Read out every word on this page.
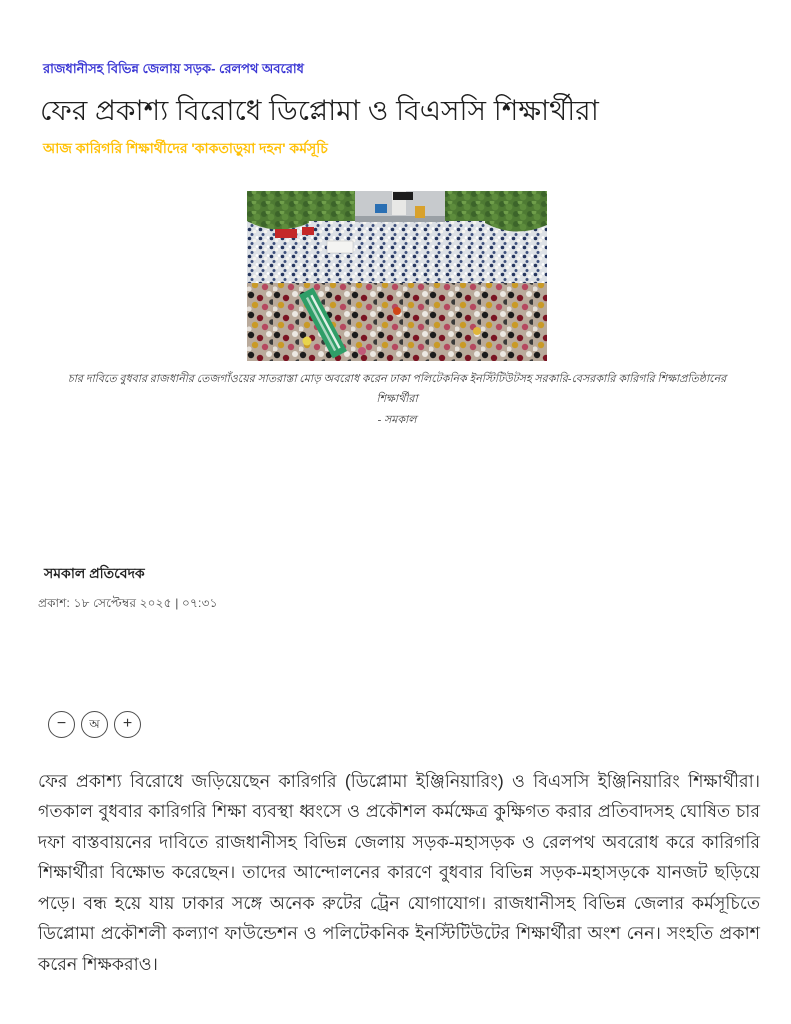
রাজধানীসহ বিভিন্ন জেলায় সড়ক- রেলপথ অবরোধ
ফের প্রকাশ্য বিরোধে ডিপ্লোমা ও বিএসসি শিক্ষার্থীরা
আজ কারিগরি শিক্ষার্থীদের 'কাকতাড়ুয়া দহন' কর্মসূচি
চার দাবিতে বুধবার রাজধানীর তেজগাঁওয়ের সাতরাস্তা মোড় অবরোধ করেন ঢাকা পলিটেকনিক ইনস্টিটিউটসহ সরকারি-বেসরকারি কারিগরি শিক্ষাপ্রতিষ্ঠানের শিক্ষার্থীরা
- সমকাল
সমকাল প্রতিবেদক
প্রকাশ: ১৮ সেপ্টেম্বর ২০২৫ | ০৭:৩১
− অ +

ফের প্রকাশ্য বিরোধে জড়িয়েছেন কারিগরি (ডিপ্লোমা ইঞ্জিনিয়ারিং) ও বিএসসি ইঞ্জিনিয়ারিং শিক্ষার্থীরা। গতকাল বুধবার কারিগরি শিক্ষা ব্যবস্থা ধ্বংসে ও প্রকৌশল কর্মক্ষেত্র কুক্ষিগত করার প্রতিবাদসহ ঘোষিত চার দফা বাস্তবায়নের দাবিতে রাজধানীসহ বিভিন্ন জেলায় সড়ক-মহাসড়ক ও রেলপথ অবরোধ করে কারিগরি শিক্ষার্থীরা বিক্ষোভ করেছেন। তাদের আন্দোলনের কারণে বুধবার বিভিন্ন সড়ক-মহাসড়কে যানজট ছড়িয়ে পড়ে। বন্ধ হয়ে যায় ঢাকার সঙ্গে অনেক রুটের ট্রেন যোগাযোগ। রাজধানীসহ বিভিন্ন জেলার কর্মসূচিতে ডিপ্লোমা প্রকৌশলী কল্যাণ ফাউন্ডেশন ও পলিটেকনিক ইনস্টিটিউটের শিক্ষার্থীরা অংশ নেন। সংহতি প্রকাশ করেন শিক্ষকরাও।
